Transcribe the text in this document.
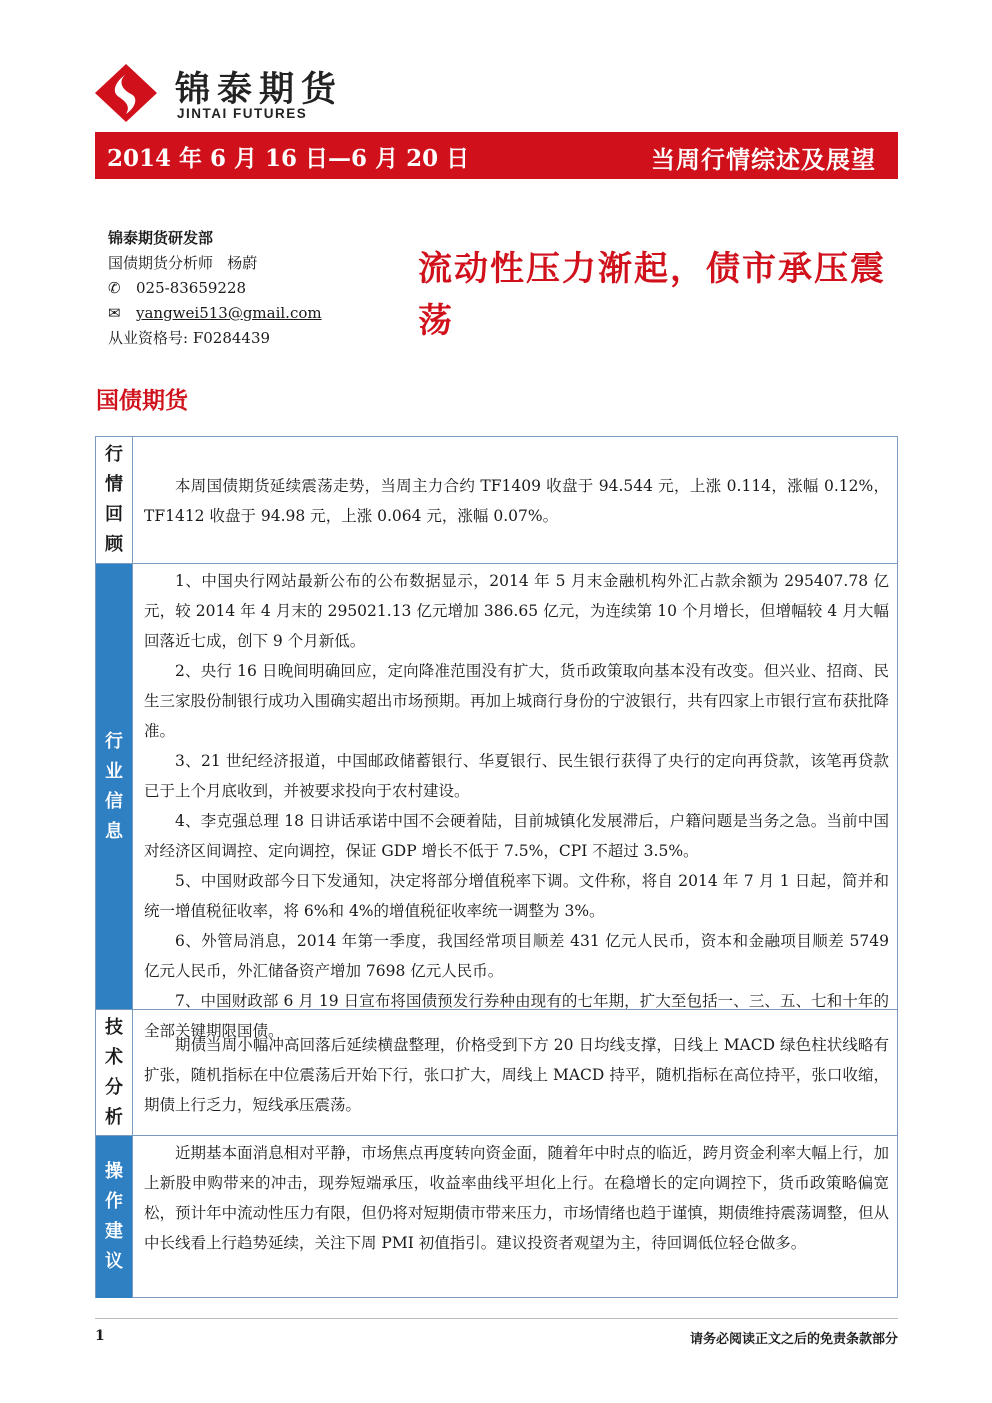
锦泰期货
JINTAI FUTURES
2014 年 6 月 16 日—6 月 20 日	当周行情综述及展望
锦泰期货研发部
国债期货分析师   杨蔚
✆ 025-83659228
✉ yangwei513@gmail.com
从业资格号: F0284439
流动性压力渐起，债市承压震荡
国债期货
行
情
回
顾

本周国债期货延续震荡走势，当周主力合约 TF1409 收盘于 94.544 元，上涨 0.114，涨幅 0.12%，TF1412 收盘于 94.98 元，上涨 0.064 元，涨幅 0.07%。

行
业
信
息

1、中国央行网站最新公布的公布数据显示，2014 年 5 月末金融机构外汇占款余额为 295407.78 亿元，较 2014 年 4 月末的 295021.13 亿元增加 386.65 亿元，为连续第 10 个月增长，但增幅较 4 月大幅回落近七成，创下 9 个月新低。

2、央行 16 日晚间明确回应，定向降准范围没有扩大，货币政策取向基本没有改变。但兴业、招商、民生三家股份制银行成功入围确实超出市场预期。再加上城商行身份的宁波银行，共有四家上市银行宣布获批降准。

3、21 世纪经济报道，中国邮政储蓄银行、华夏银行、民生银行获得了央行的定向再贷款，该笔再贷款已于上个月底收到，并被要求投向于农村建设。

4、李克强总理 18 日讲话承诺中国不会硬着陆，目前城镇化发展滞后，户籍问题是当务之急。当前中国对经济区间调控、定向调控，保证 GDP 增长不低于 7.5%，CPI 不超过 3.5%。

5、中国财政部今日下发通知，决定将部分增值税率下调。文件称，将自 2014 年 7 月 1 日起，简并和统一增值税征收率，将 6%和 4%的增值税征收率统一调整为 3%。

6、外管局消息，2014 年第一季度，我国经常项目顺差 431 亿元人民币，资本和金融项目顺差 5749 亿元人民币，外汇储备资产增加 7698 亿元人民币。

7、中国财政部 6 月 19 日宣布将国债预发行券种由现有的七年期，扩大至包括一、三、五、七和十年的全部关键期限国债。

技
术
分
析

期债当周小幅冲高回落后延续横盘整理，价格受到下方 20 日均线支撑，日线上 MACD 绿色柱状线略有扩张，随机指标在中位震荡后开始下行，张口扩大，周线上 MACD 持平，随机指标在高位持平，张口收缩，期债上行乏力，短线承压震荡。

操
作
建
议

近期基本面消息相对平静，市场焦点再度转向资金面，随着年中时点的临近，跨月资金利率大幅上行，加上新股申购带来的冲击，现券短端承压，收益率曲线平坦化上行。在稳增长的定向调控下，货币政策略偏宽松，预计年中流动性压力有限，但仍将对短期债市带来压力，市场情绪也趋于谨慎，期债维持震荡调整，但从中长线看上行趋势延续，关注下周 PMI 初值指引。建议投资者观望为主，待回调低位轻仓做多。

1	请务必阅读正文之后的免责条款部分
